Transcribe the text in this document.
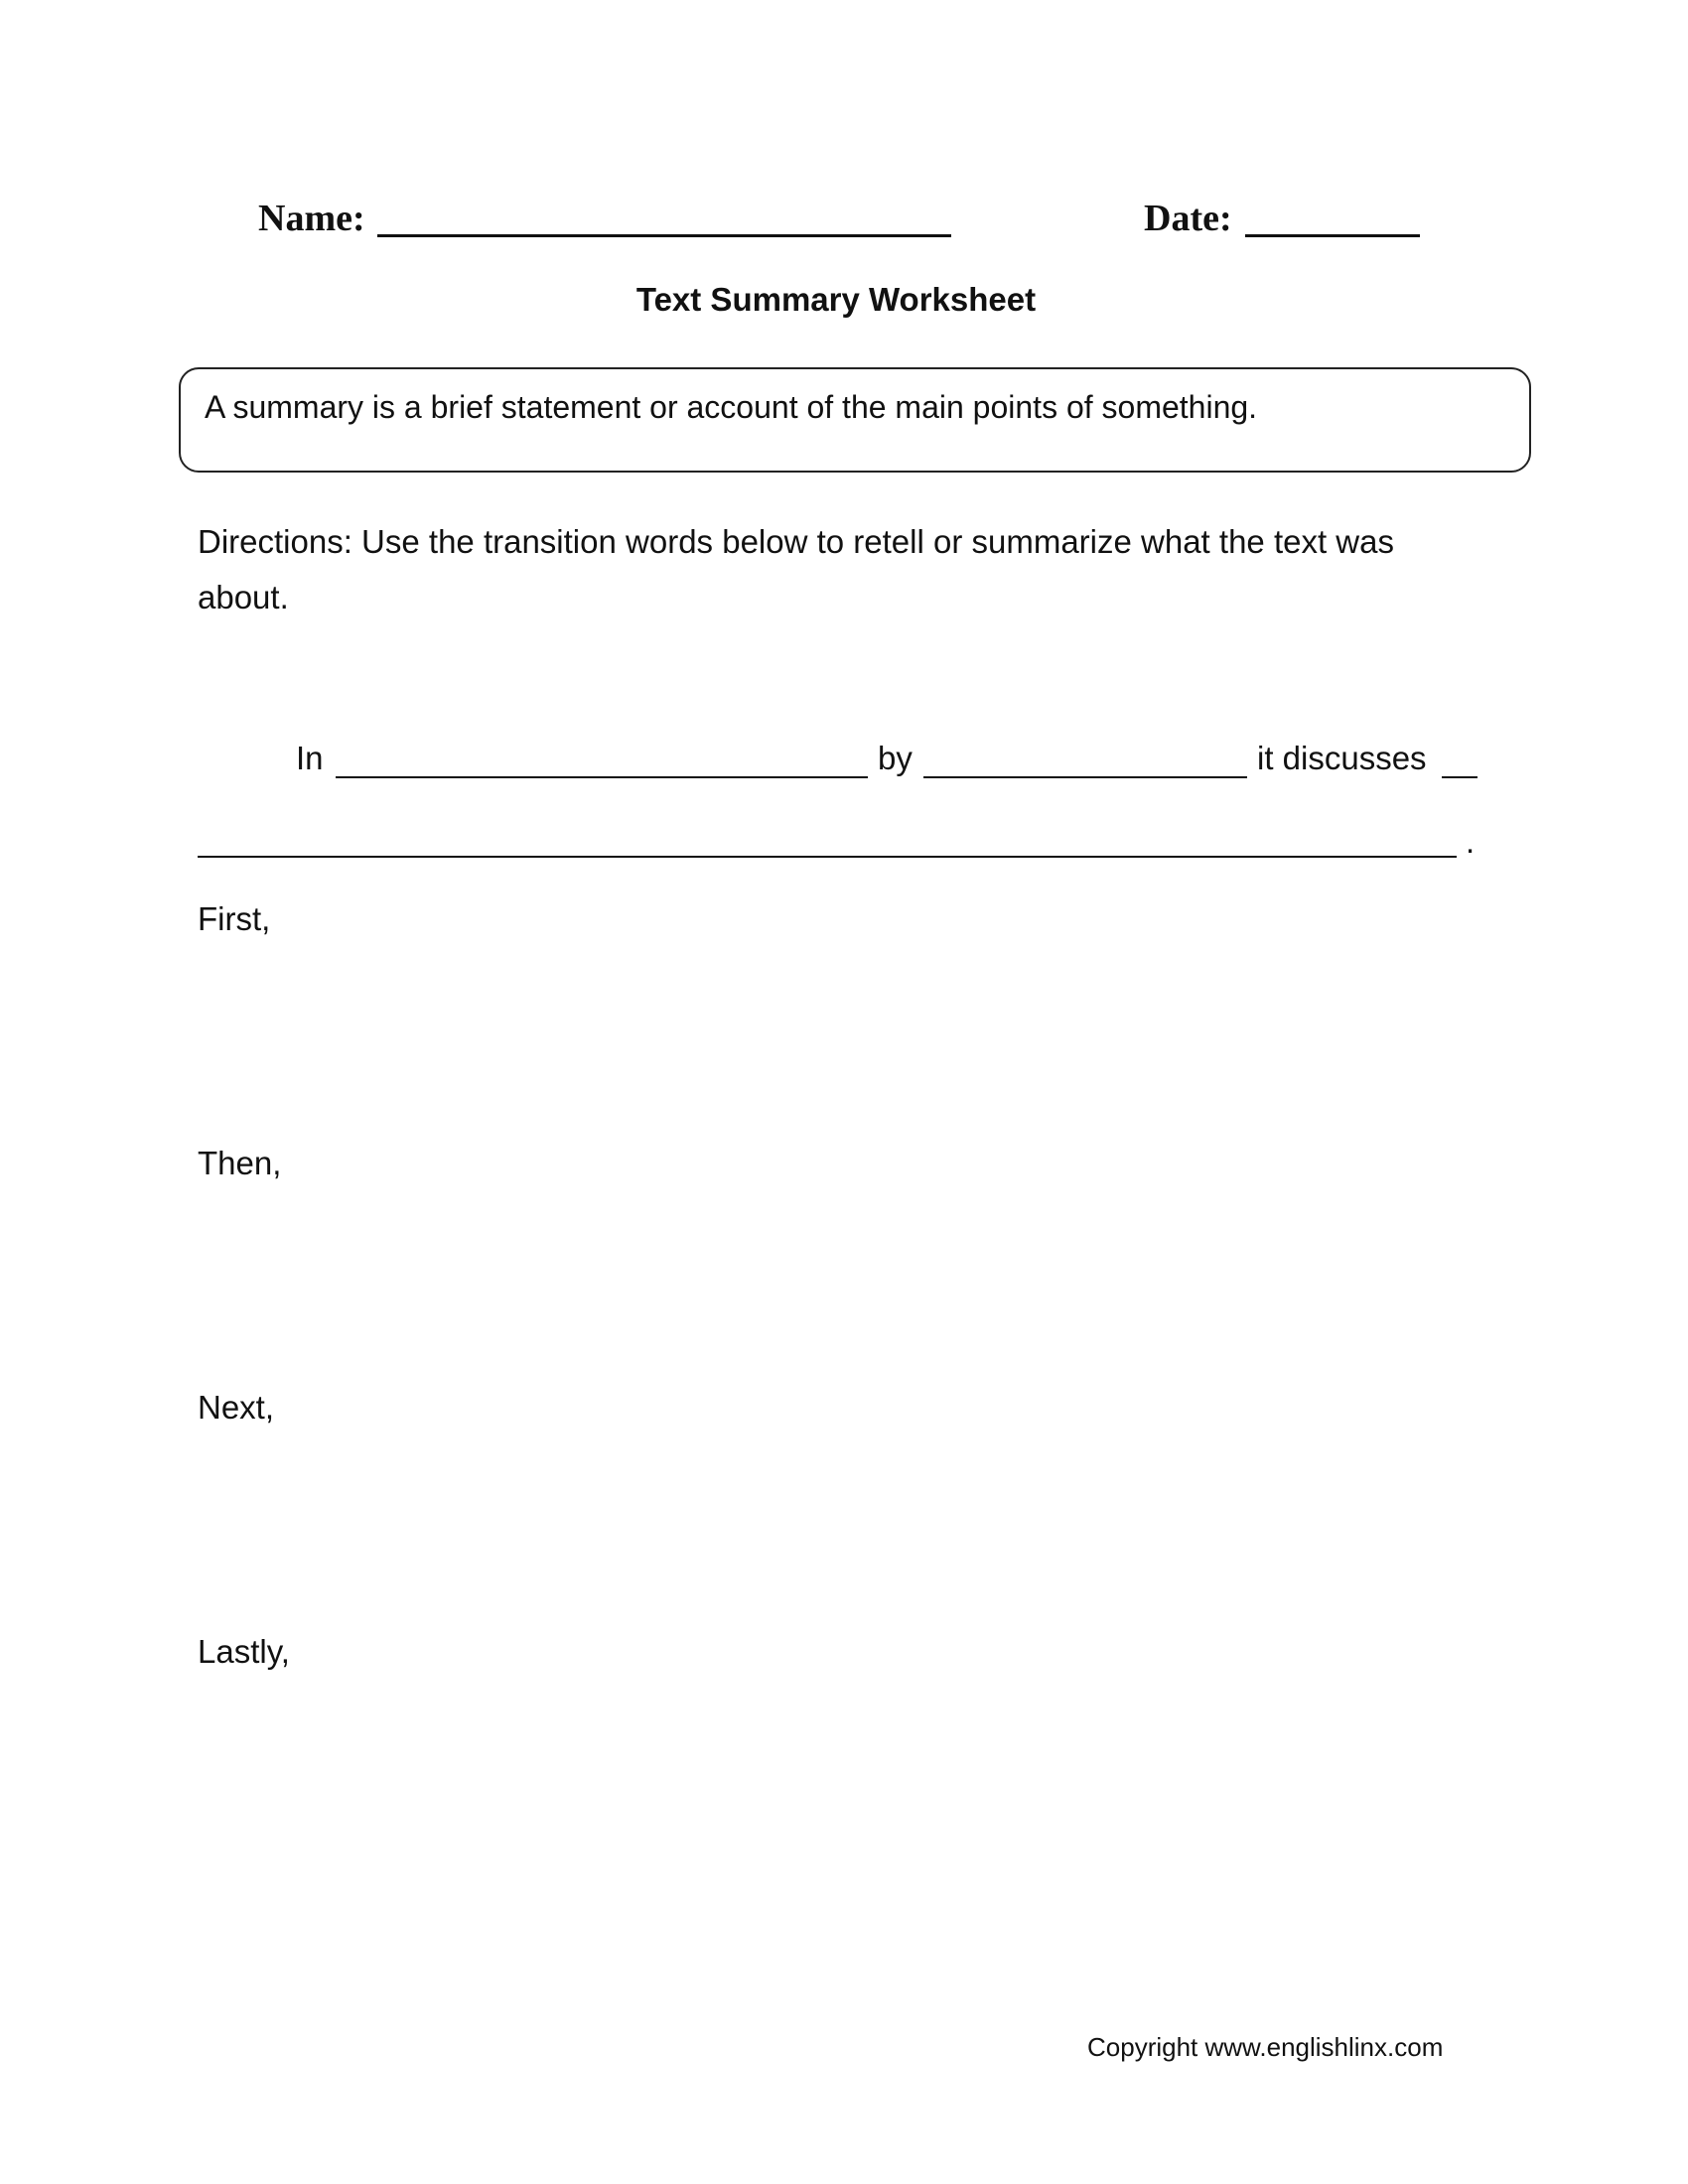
Name:	Date:
Text Summary Worksheet
A summary is a brief statement or account of the main points of something.
Directions: Use the transition words below to retell or summarize what the text was about.
In	by	it discusses
.
First,
Then,
Next,
Lastly,
Copyright www.englishlinx.com
